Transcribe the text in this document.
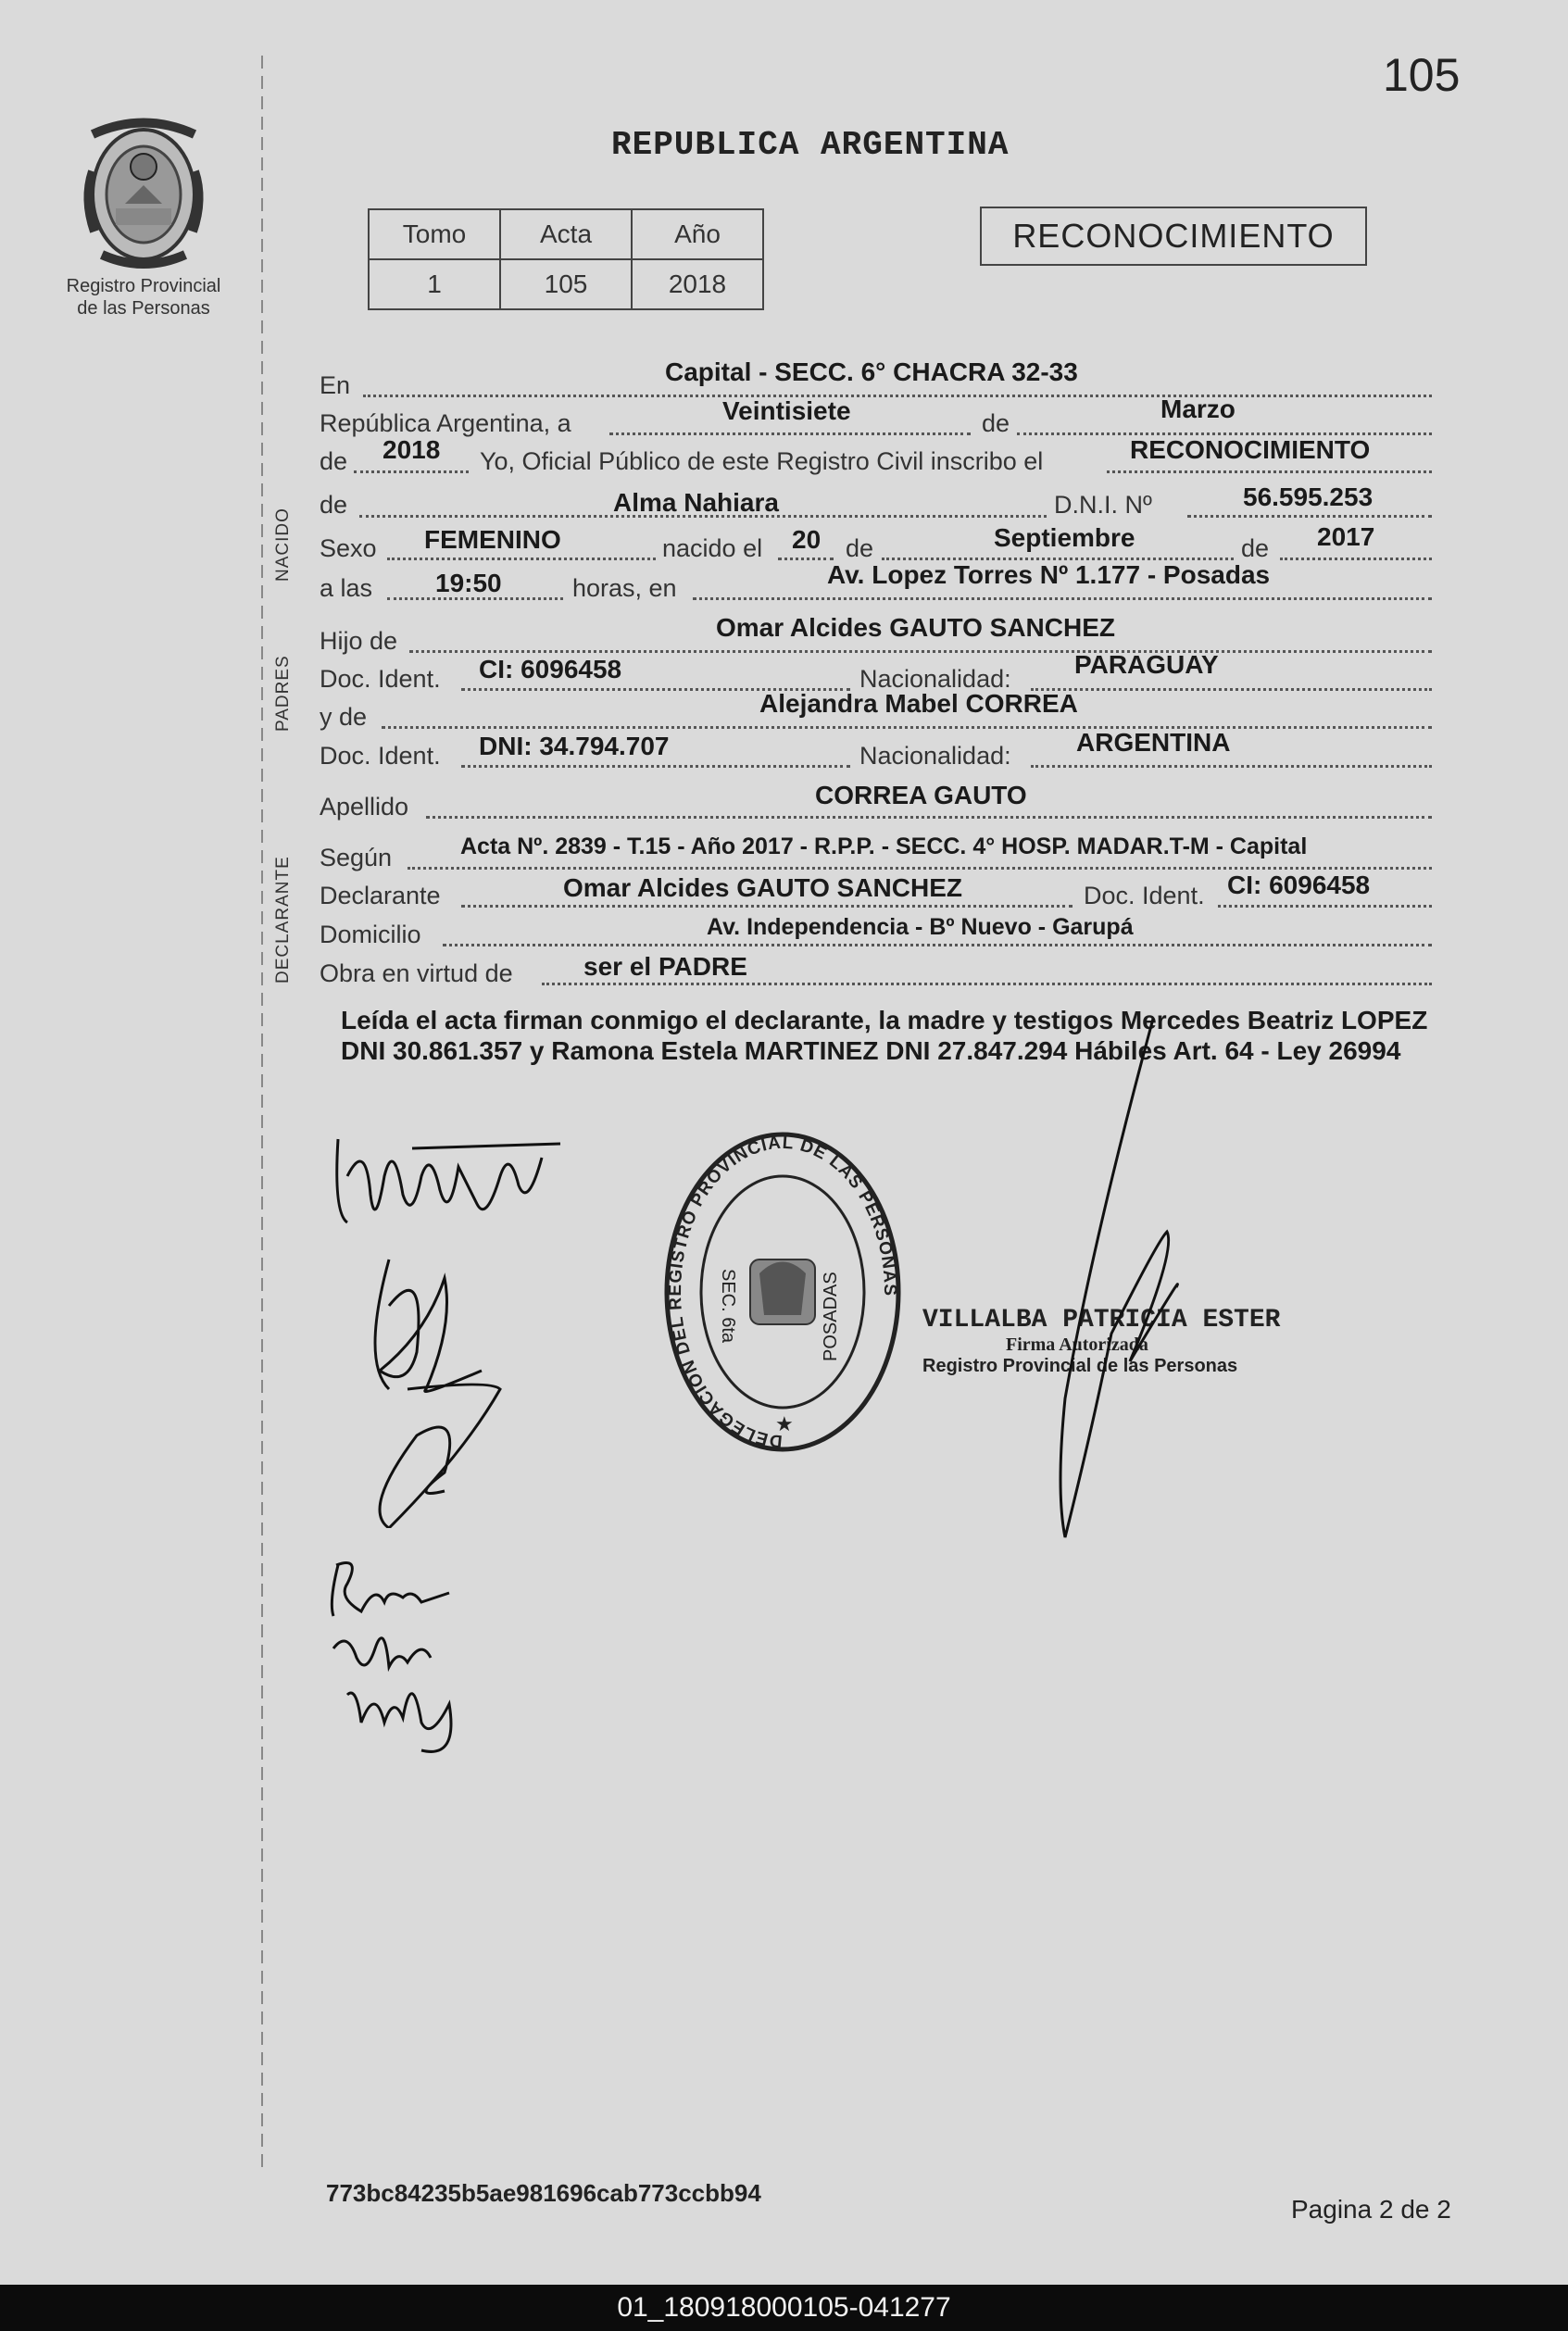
105
Registro Provincial
de las Personas
REPUBLICA ARGENTINA
Tomo	Acta	Año
1	105	2018
RECONOCIMIENTO
NACIDO
PADRES
DECLARANTE
En	Capital - SECC. 6° CHACRA 32-33
República Argentina, a	Veintisiete	de	Marzo
de 2018 Yo, Oficial Público de este Registro Civil inscribo el	RECONOCIMIENTO
de	Alma Nahiara	D.N.I. Nº	56.595.253
Sexo FEMENINO	nacido el 20 de	Septiembre	de 2017
a las 19:50	horas, en	Av. Lopez Torres Nº 1.177 - Posadas
Hijo de	Omar Alcides GAUTO SANCHEZ
Doc. Ident. CI: 6096458	Nacionalidad: PARAGUAY
y de	Alejandra Mabel CORREA
Doc. Ident. DNI: 34.794.707	Nacionalidad:	ARGENTINA
Apellido	CORREA GAUTO
Según	Acta Nº. 2839 - T.15 - Año 2017 - R.P.P. - SECC. 4° HOSP. MADAR.T-M - Capital
Declarante	Omar Alcides GAUTO SANCHEZ	Doc. Ident. CI: 6096458
Domicilio	Av. Independencia - Bº Nuevo - Garupá
Obra en virtud de	ser el PADRE
Leída el acta firman conmigo el declarante, la madre y testigos Mercedes Beatriz LOPEZ DNI 30.861.357 y Ramona Estela MARTINEZ DNI 27.847.294 Hábiles Art. 64 - Ley 26994
DELEGACION DEL REGISTRO PROVINCIAL DE LAS PERSONAS
SEC. 6ta	POSADAS
★
VILLALBA PATRICIA ESTER
Firma Autorizada
Registro Provincial de las Personas
773bc84235b5ae981696cab773ccbb94
Pagina 2 de 2
01_180918000105-041277
